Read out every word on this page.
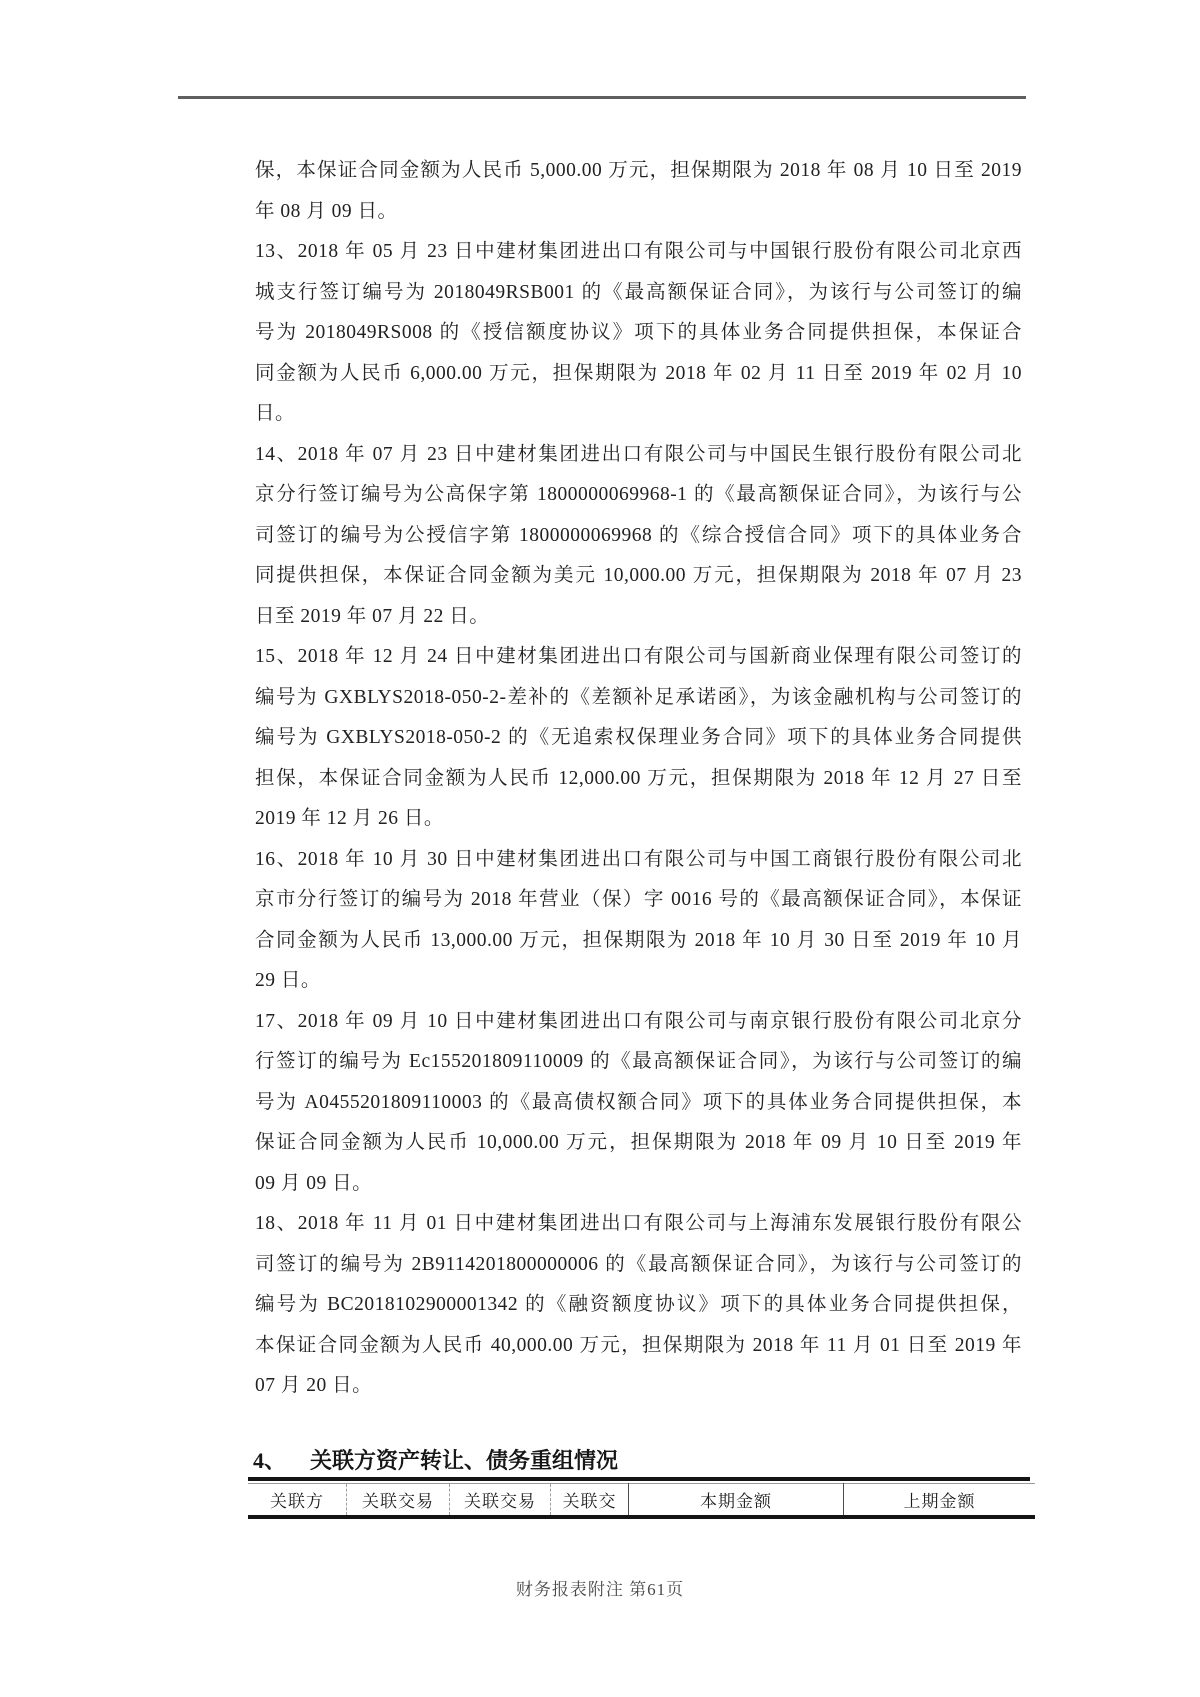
保，本保证合同金额为人民币 5,000.00 万元，担保期限为 2018 年 08 月 10 日至 2019
年 08 月 09 日。
13、2018 年 05 月 23 日中建材集团进出口有限公司与中国银行股份有限公司北京西
城支行签订编号为 2018049RSB001 的《最高额保证合同》，为该行与公司签订的编
号为 2018049RS008 的《授信额度协议》项下的具体业务合同提供担保，本保证合
同金额为人民币 6,000.00 万元，担保期限为 2018 年 02 月 11 日至 2019 年 02 月 10
日。
14、2018 年 07 月 23 日中建材集团进出口有限公司与中国民生银行股份有限公司北
京分行签订编号为公高保字第 1800000069968-1 的《最高额保证合同》，为该行与公
司签订的编号为公授信字第 1800000069968 的《综合授信合同》项下的具体业务合
同提供担保，本保证合同金额为美元 10,000.00 万元，担保期限为 2018 年 07 月 23
日至 2019 年 07 月 22 日。
15、2018 年 12 月 24 日中建材集团进出口有限公司与国新商业保理有限公司签订的
编号为 GXBLYS2018-050-2-差补的《差额补足承诺函》，为该金融机构与公司签订的
编号为 GXBLYS2018-050-2 的《无追索权保理业务合同》项下的具体业务合同提供
担保，本保证合同金额为人民币 12,000.00 万元，担保期限为 2018 年 12 月 27 日至
2019 年 12 月 26 日。
16、2018 年 10 月 30 日中建材集团进出口有限公司与中国工商银行股份有限公司北
京市分行签订的编号为 2018 年营业（保）字 0016 号的《最高额保证合同》，本保证
合同金额为人民币 13,000.00 万元，担保期限为 2018 年 10 月 30 日至 2019 年 10 月
29 日。
17、2018 年 09 月 10 日中建材集团进出口有限公司与南京银行股份有限公司北京分
行签订的编号为 Ec155201809110009 的《最高额保证合同》，为该行与公司签订的编
号为 A0455201809110003 的《最高债权额合同》项下的具体业务合同提供担保，本
保证合同金额为人民币 10,000.00 万元，担保期限为 2018 年 09 月 10 日至 2019 年
09 月 09 日。
18、2018 年 11 月 01 日中建材集团进出口有限公司与上海浦东发展银行股份有限公
司签订的编号为 2B9114201800000006 的《最高额保证合同》，为该行与公司签订的
编号为 BC2018102900001342 的《融资额度协议》项下的具体业务合同提供担保，
本保证合同金额为人民币 40,000.00 万元，担保期限为 2018 年 11 月 01 日至 2019 年
07 月 20 日。
4、 关联方资产转让、债务重组情况
关联方	关联交易	关联交易	关联交	本期金额	上期金额
财务报表附注 第61页
